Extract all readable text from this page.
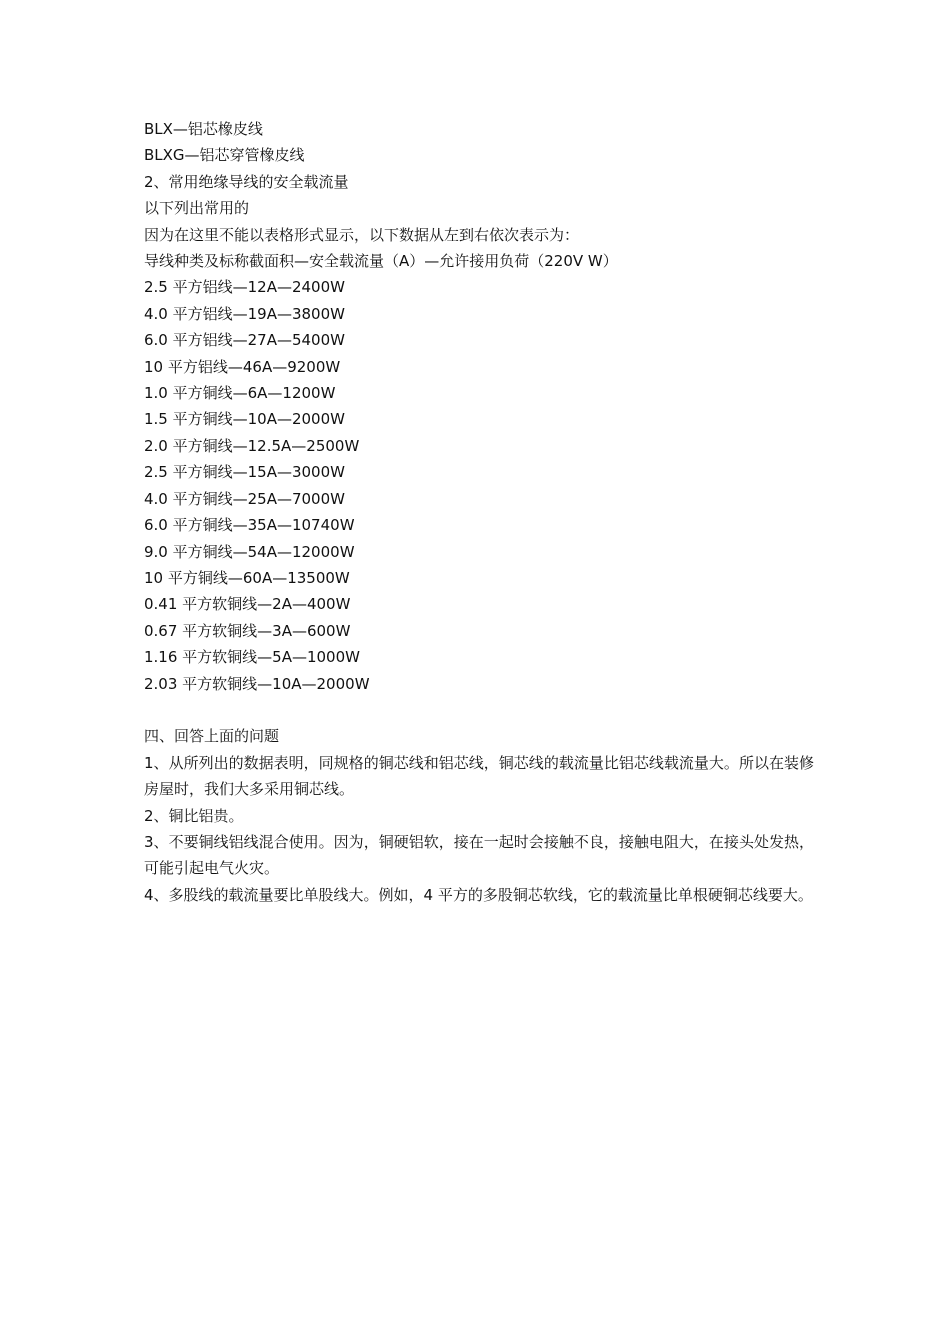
BLX—铝芯橡皮线
BLXG—铝芯穿管橡皮线
2、常用绝缘导线的安全载流量
以下列出常用的
因为在这里不能以表格形式显示，以下数据从左到右依次表示为：
导线种类及标称截面积—安全载流量（A）—允许接用负荷（220V W）
2.5 平方铝线—12A—2400W
4.0 平方铝线—19A—3800W
6.0 平方铝线—27A—5400W
10 平方铝线—46A—9200W
1.0 平方铜线—6A—1200W
1.5 平方铜线—10A—2000W
2.0 平方铜线—12.5A—2500W
2.5 平方铜线—15A—3000W
4.0 平方铜线—25A—7000W
6.0 平方铜线—35A—10740W
9.0 平方铜线—54A—12000W
10 平方铜线—60A—13500W
0.41 平方软铜线—2A—400W
0.67 平方软铜线—3A—600W
1.16 平方软铜线—5A—1000W
2.03 平方软铜线—10A—2000W
四、回答上面的问题
1、从所列出的数据表明，同规格的铜芯线和铝芯线，铜芯线的载流量比铝芯线载流量大。所以在装修房屋时，我们大多采用铜芯线。
2、铜比铝贵。
3、不要铜线铝线混合使用。因为，铜硬铝软，接在一起时会接触不良，接触电阻大，在接头处发热，可能引起电气火灾。
4、多股线的载流量要比单股线大。例如，4 平方的多股铜芯软线，它的载流量比单根硬铜芯线要大。
